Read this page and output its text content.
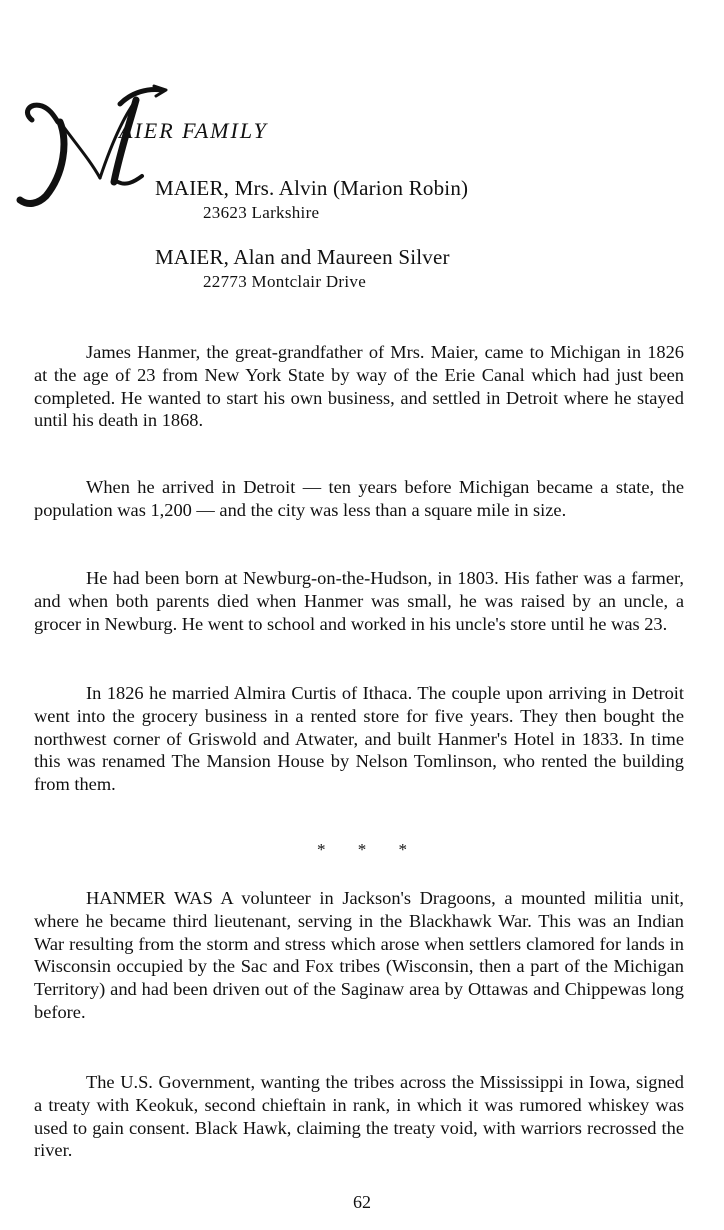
AIER FAMILY
MAIER, Mrs. Alvin (Marion Robin)
23623 Larkshire
MAIER, Alan and Maureen Silver
22773 Montclair Drive

James Hanmer, the great-grandfather of Mrs. Maier, came to Michigan in 1826 at the age of 23 from New York State by way of the Erie Canal which had just been completed. He wanted to start his own business, and settled in Detroit where he stayed until his death in 1868.

When he arrived in Detroit — ten years before Michigan became a state, the population was 1,200 — and the city was less than a square mile in size.

He had been born at Newburg-on-the-Hudson, in 1803. His father was a farmer, and when both parents died when Hanmer was small, he was raised by an uncle, a grocer in Newburg. He went to school and worked in his uncle's store until he was 23.

In 1826 he married Almira Curtis of Ithaca. The couple upon arriving in Detroit went into the grocery business in a rented store for five years. They then bought the northwest corner of Griswold and Atwater, and built Hanmer's Hotel in 1833. In time this was renamed The Mansion House by Nelson Tomlinson, who rented the building from them.

* * *

HANMER WAS A volunteer in Jackson's Dragoons, a mounted militia unit, where he became third lieutenant, serving in the Blackhawk War. This was an Indian War resulting from the storm and stress which arose when settlers clamored for lands in Wisconsin occupied by the Sac and Fox tribes (Wisconsin, then a part of the Michigan Territory) and had been driven out of the Saginaw area by Ottawas and Chippewas long before.

The U.S. Government, wanting the tribes across the Mississippi in Iowa, signed a treaty with Keokuk, second chieftain in rank, in which it was rumored whiskey was used to gain consent. Black Hawk, claiming the treaty void, with warriors recrossed the river.

62
